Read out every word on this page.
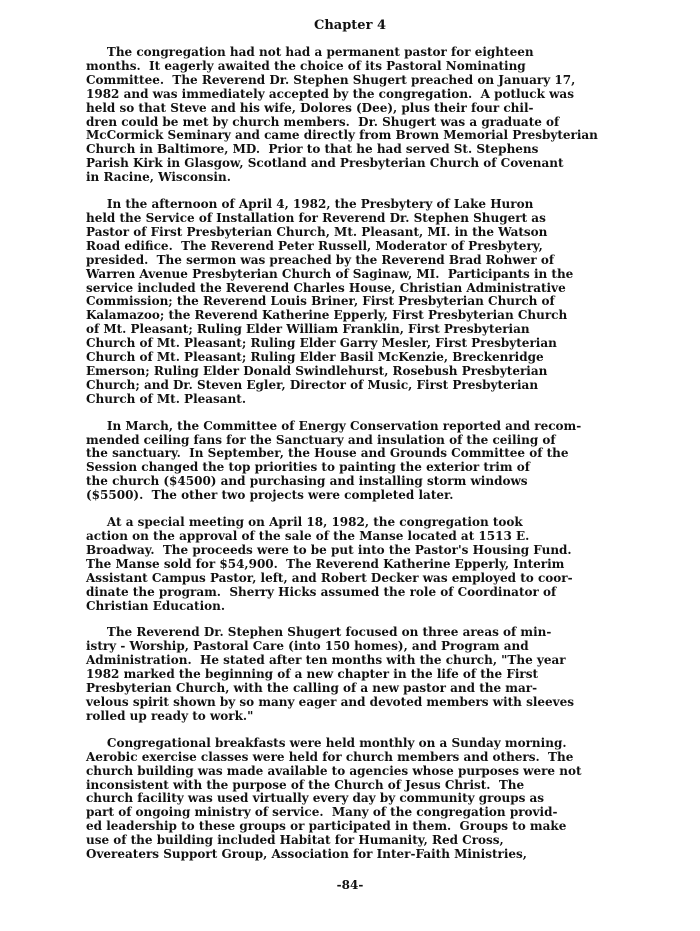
Chapter 4
The congregation had not had a permanent pastor for eighteen
months.  It eagerly awaited the choice of its Pastoral Nominating
Committee.  The Reverend Dr. Stephen Shugert preached on January 17,
1982 and was immediately accepted by the congregation.  A potluck was
held so that Steve and his wife, Dolores (Dee), plus their four chil-
dren could be met by church members.  Dr. Shugert was a graduate of
McCormick Seminary and came directly from Brown Memorial Presbyterian
Church in Baltimore, MD.  Prior to that he had served St. Stephens
Parish Kirk in Glasgow, Scotland and Presbyterian Church of Covenant
in Racine, Wisconsin.
In the afternoon of April 4, 1982, the Presbytery of Lake Huron
held the Service of Installation for Reverend Dr. Stephen Shugert as
Pastor of First Presbyterian Church, Mt. Pleasant, MI. in the Watson
Road edifice.  The Reverend Peter Russell, Moderator of Presbytery,
presided.  The sermon was preached by the Reverend Brad Rohwer of
Warren Avenue Presbyterian Church of Saginaw, MI.  Participants in the
service included the Reverend Charles House, Christian Administrative
Commission; the Reverend Louis Briner, First Presbyterian Church of
Kalamazoo; the Reverend Katherine Epperly, First Presbyterian Church
of Mt. Pleasant; Ruling Elder William Franklin, First Presbyterian
Church of Mt. Pleasant; Ruling Elder Garry Mesler, First Presbyterian
Church of Mt. Pleasant; Ruling Elder Basil McKenzie, Breckenridge
Emerson; Ruling Elder Donald Swindlehurst, Rosebush Presbyterian
Church; and Dr. Steven Egler, Director of Music, First Presbyterian
Church of Mt. Pleasant.
In March, the Committee of Energy Conservation reported and recom-
mended ceiling fans for the Sanctuary and insulation of the ceiling of
the sanctuary.  In September, the House and Grounds Committee of the
Session changed the top priorities to painting the exterior trim of
the church ($4500) and purchasing and installing storm windows
($5500).  The other two projects were completed later.
At a special meeting on April 18, 1982, the congregation took
action on the approval of the sale of the Manse located at 1513 E.
Broadway.  The proceeds were to be put into the Pastor's Housing Fund.
The Manse sold for $54,900.  The Reverend Katherine Epperly, Interim
Assistant Campus Pastor, left, and Robert Decker was employed to coor-
dinate the program.  Sherry Hicks assumed the role of Coordinator of
Christian Education.
The Reverend Dr. Stephen Shugert focused on three areas of min-
istry - Worship, Pastoral Care (into 150 homes), and Program and
Administration.  He stated after ten months with the church, "The year
1982 marked the beginning of a new chapter in the life of the First
Presbyterian Church, with the calling of a new pastor and the mar-
velous spirit shown by so many eager and devoted members with sleeves
rolled up ready to work."
Congregational breakfasts were held monthly on a Sunday morning.
Aerobic exercise classes were held for church members and others.  The
church building was made available to agencies whose purposes were not
inconsistent with the purpose of the Church of Jesus Christ.  The
church facility was used virtually every day by community groups as
part of ongoing ministry of service.  Many of the congregation provid-
ed leadership to these groups or participated in them.  Groups to make
use of the building included Habitat for Humanity, Red Cross,
Overeaters Support Group, Association for Inter-Faith Ministries,
-84-
